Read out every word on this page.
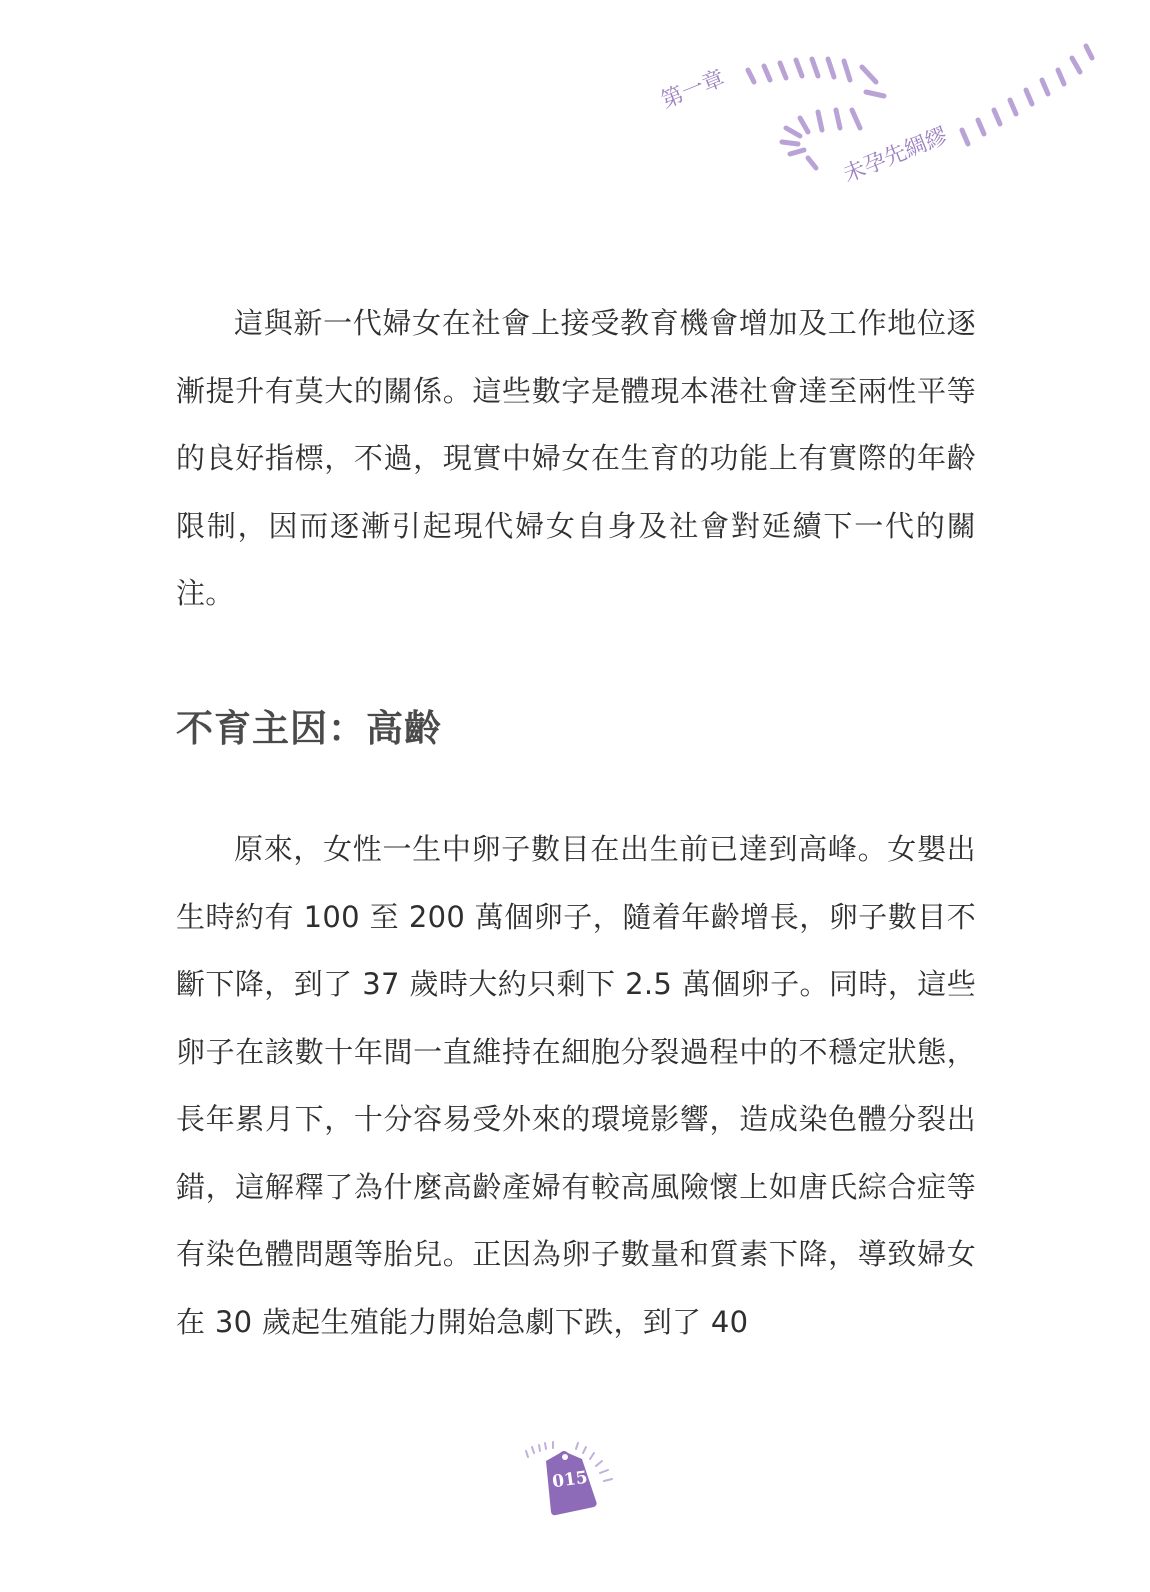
第一章
未孕先綢繆

這與新一代婦女在社會上接受教育機會增加及工作地位逐漸提升有莫大的關係。這些數字是體現本港社會達至兩性平等的良好指標，不過，現實中婦女在生育的功能上有實際的年齡限制，因而逐漸引起現代婦女自身及社會對延續下一代的關注。

不育主因：高齡

原來，女性一生中卵子數目在出生前已達到高峰。女嬰出生時約有 100 至 200 萬個卵子，隨着年齡增長，卵子數目不斷下降，到了 37 歲時大約只剩下 2.5 萬個卵子。同時，這些卵子在該數十年間一直維持在細胞分裂過程中的不穩定狀態，長年累月下，十分容易受外來的環境影響，造成染色體分裂出錯，這解釋了為什麼高齡產婦有較高風險懷上如唐氏綜合症等有染色體問題等胎兒。正因為卵子數量和質素下降，導致婦女在 30 歲起生殖能力開始急劇下跌，到了 40

015
